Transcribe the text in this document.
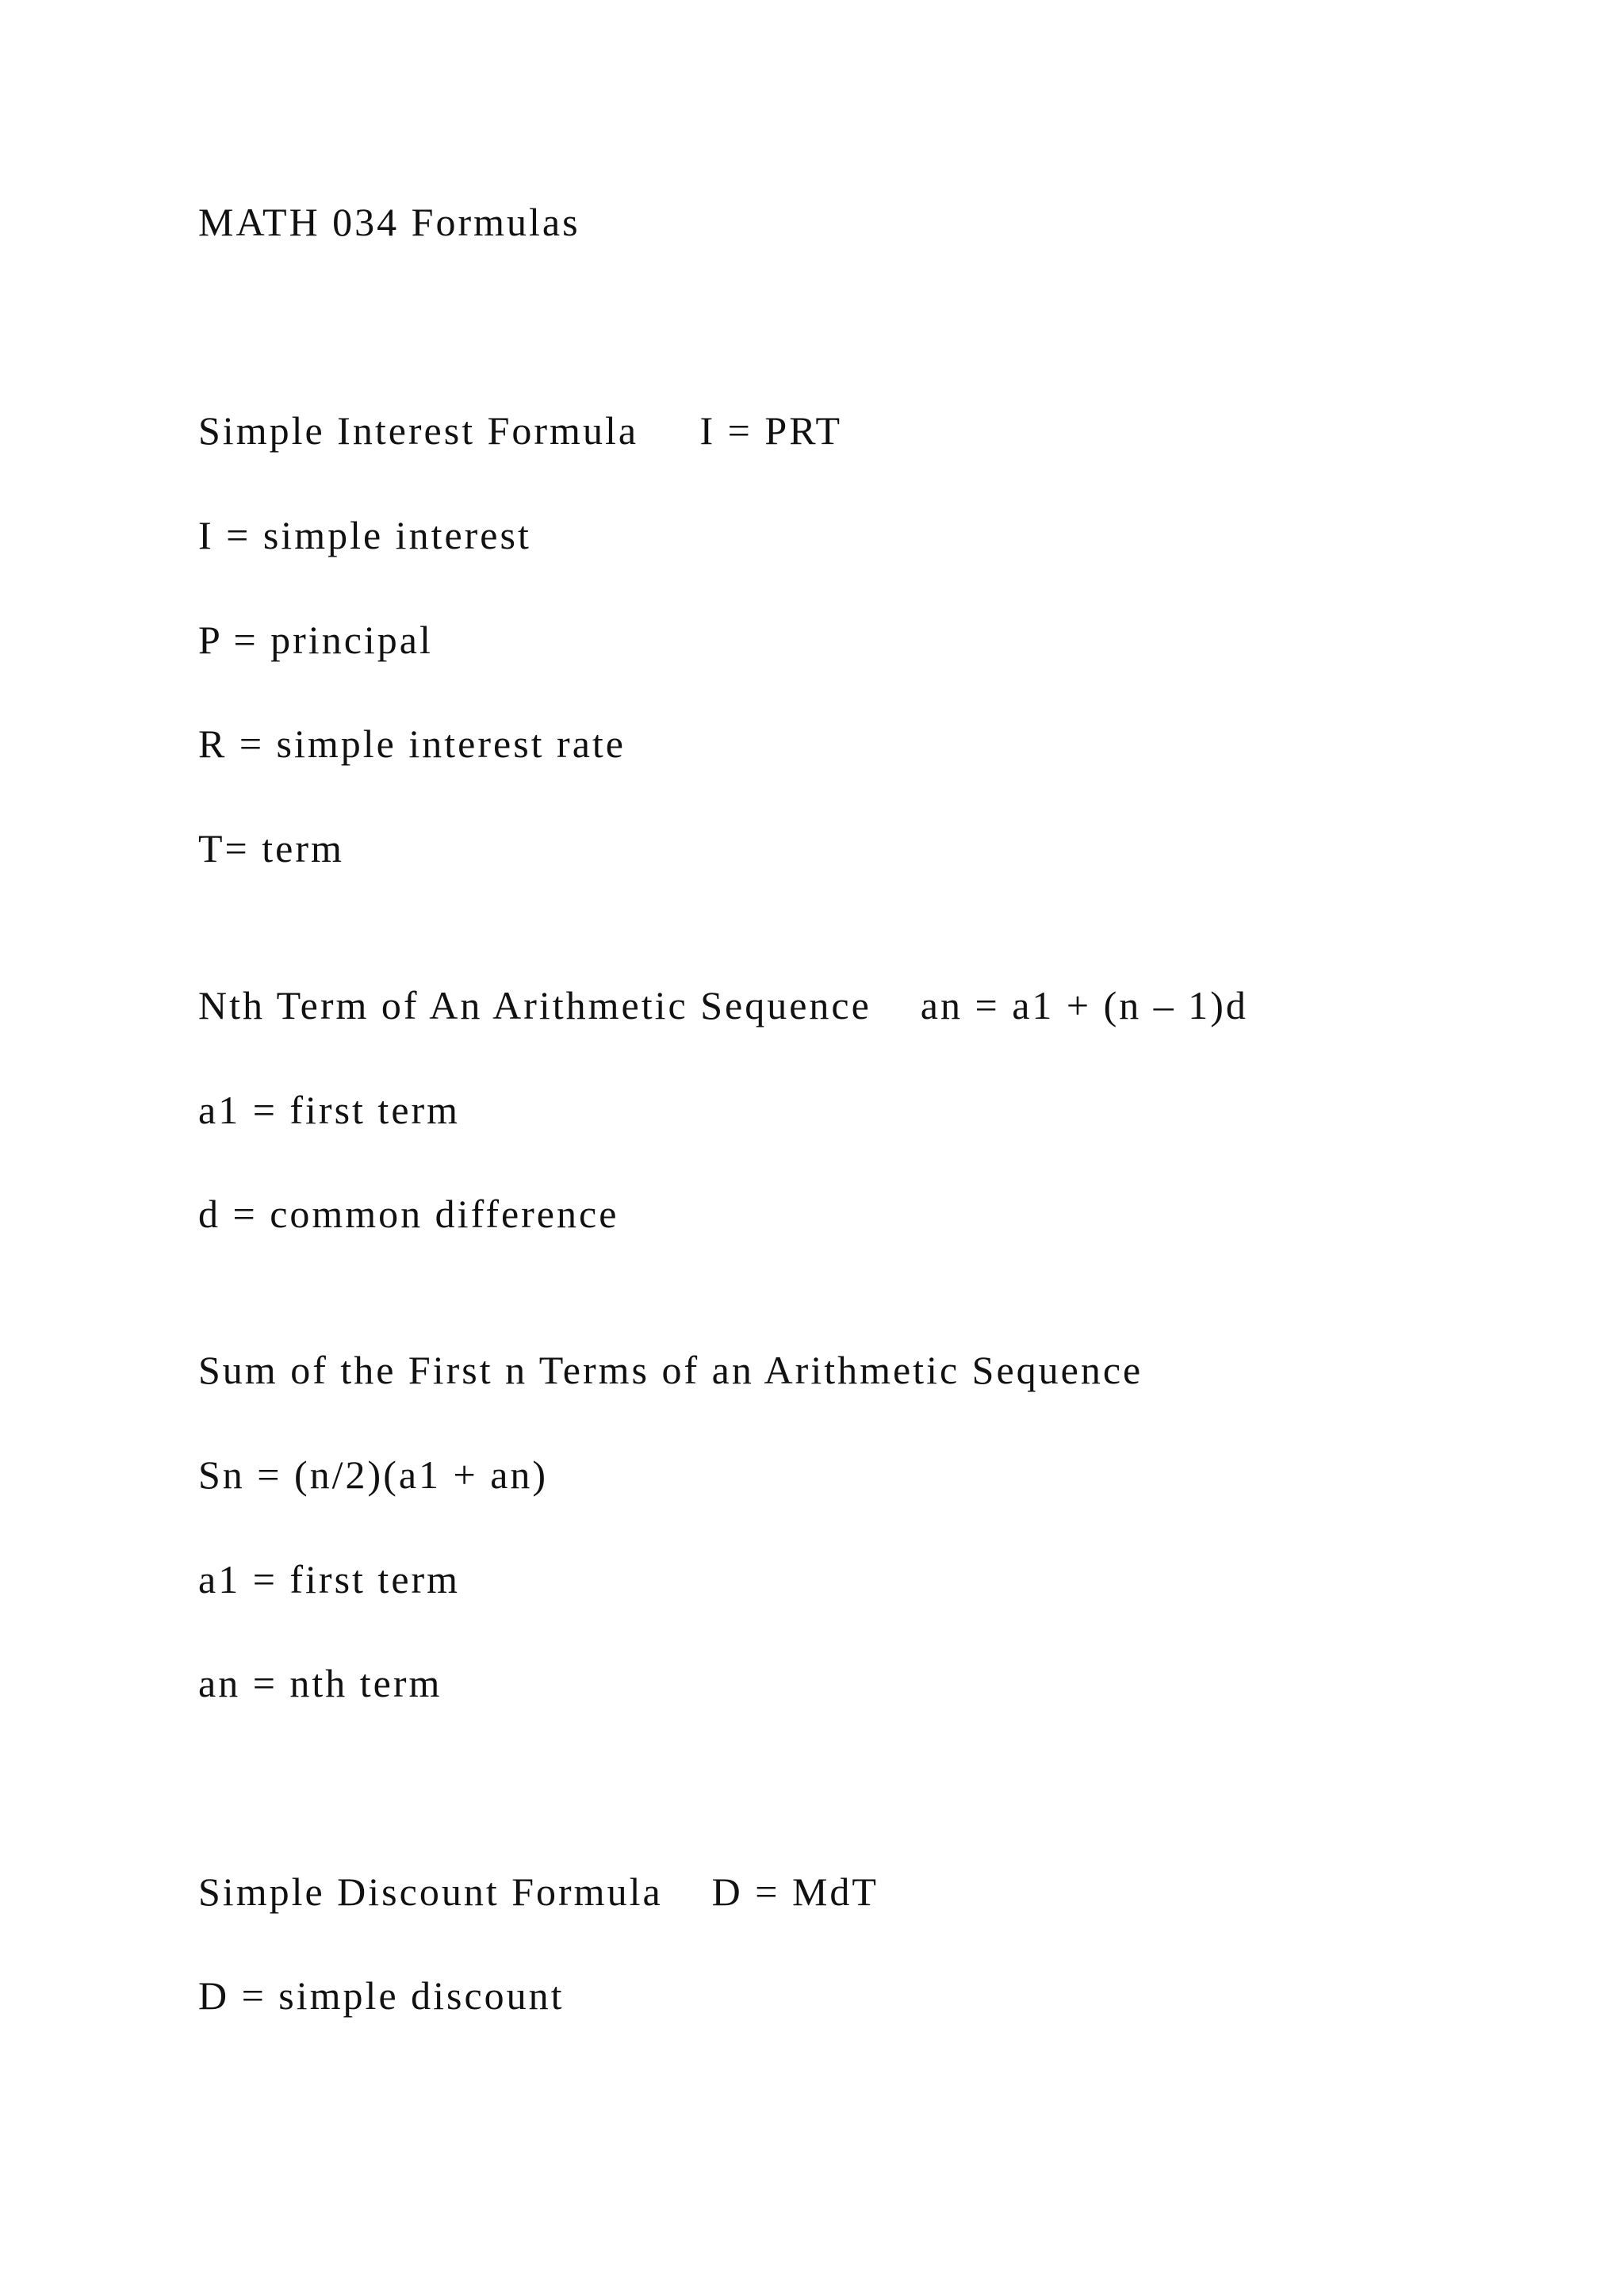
MATH 034 Formulas
Simple Interest Formula     I = PRT
I = simple interest
P = principal
R = simple interest rate
T= term
Nth Term of An Arithmetic Sequence    an = a1 + (n – 1)d
a1 = first term
d = common difference
Sum of the First n Terms of an Arithmetic Sequence
Sn = (n/2)(a1 + an)
a1 = first term
an = nth term
Simple Discount Formula    D = MdT
D = simple discount
